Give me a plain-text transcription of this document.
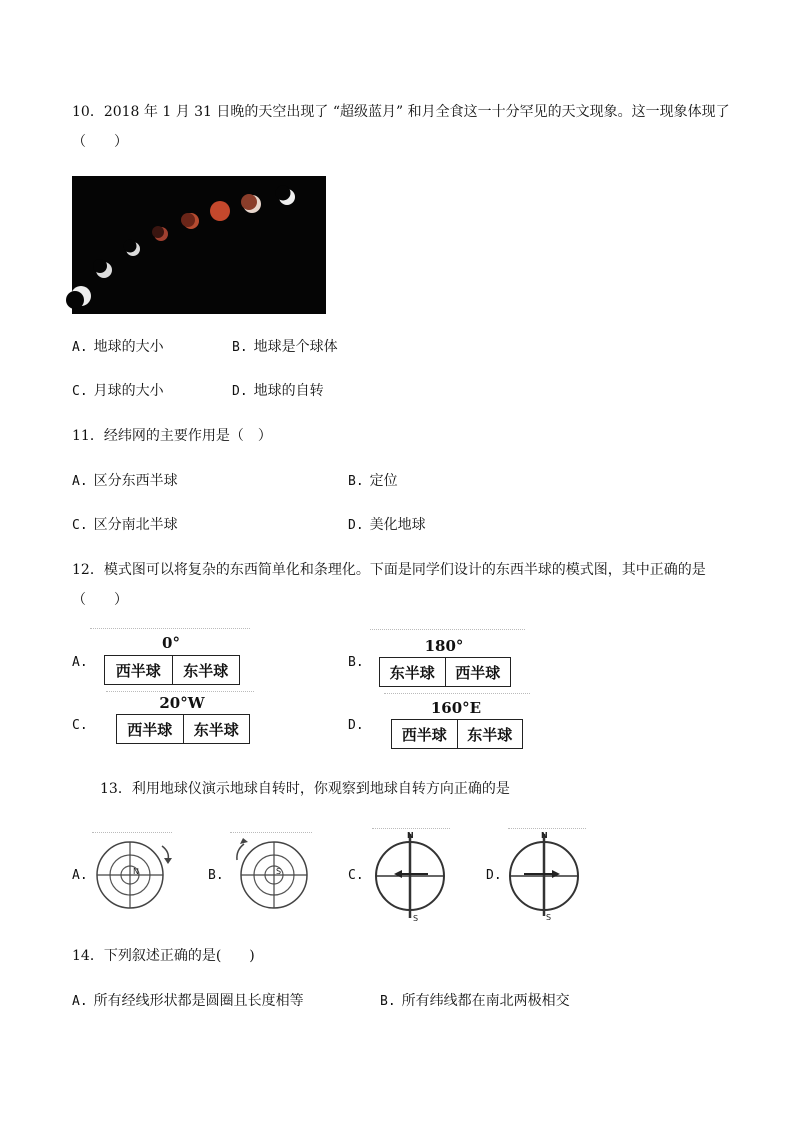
10．2018 年 1 月 31 日晚的天空出现了 “超级蓝月” 和月全食这一十分罕见的天文现象。这一现象体现了
（　　）
A. 地球的大小	B. 地球是个球体
C. 月球的大小	D. 地球的自转
11．经纬网的主要作用是（　）
A. 区分东西半球	B. 定位
C. 区分南北半球	D. 美化地球
12．模式图可以将复杂的东西简单化和条理化。下面是同学们设计的东西半球的模式图，其中正确的是
（　　）
A.
0°
西半球	东半球	B.
180°
东半球	西半球
C.
20°W
西半球	东半球	D.
160°E
西半球	东半球
13．利用地球仪演示地球自转时，你观察到地球自转方向正确的是
A.	N	B.	S	C.
N
S
D.
N
S
14．下列叙述正确的是(　　)
A. 所有经线形状都是圆圈且长度相等	B. 所有纬线都在南北两极相交
